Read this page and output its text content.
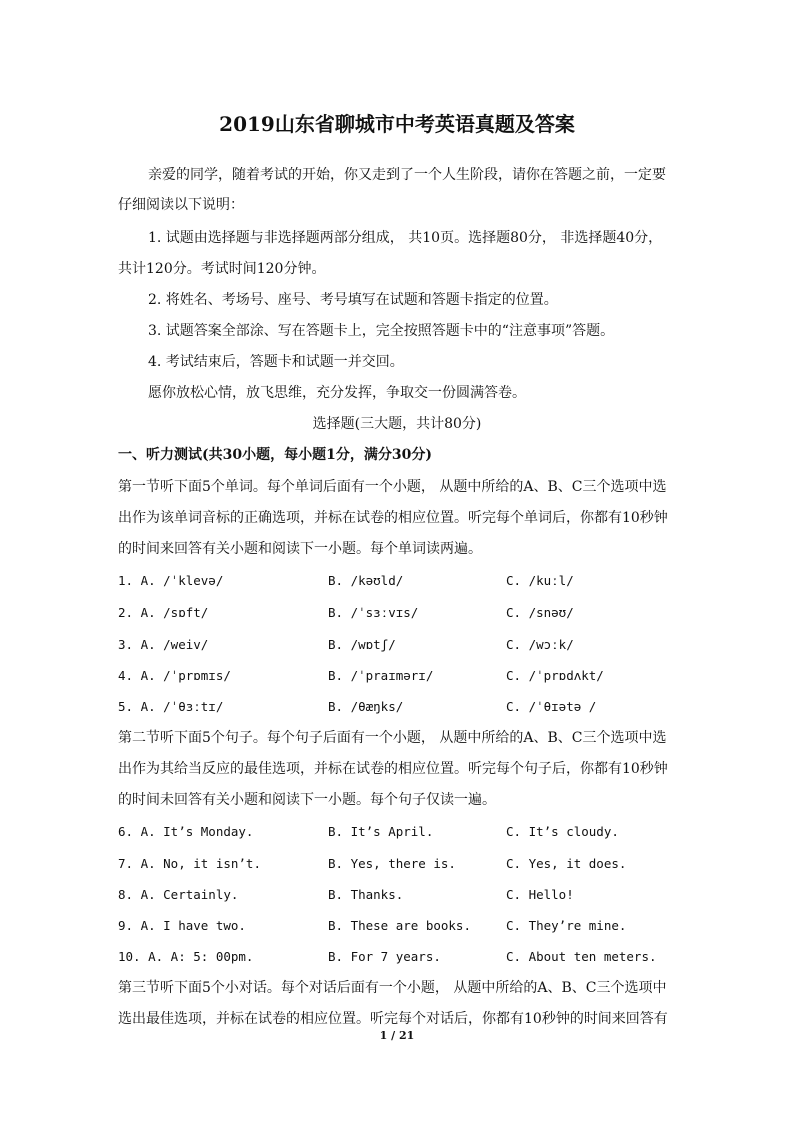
2019山东省聊城市中考英语真题及答案
亲爱的同学，随着考试的开始，你又走到了一个人生阶段，请你在答题之前，一定要
仔细阅读以下说明：
1. 试题由选择题与非选择题两部分组成， 共10页。选择题80分， 非选择题40分，
共计120分。考试时间120分钟。
2. 将姓名、考场号、座号、考号填写在试题和答题卡指定的位置。
3. 试题答案全部涂、写在答题卡上，完全按照答题卡中的“注意事项”答题。
4. 考试结束后，答题卡和试题一并交回。
愿你放松心情，放飞思维，充分发挥，争取交一份圆满答卷。
选择题(三大题，共计80分)
一、听力测试(共30小题，每小题1分，满分30分)
第一节听下面5个单词。每个单词后面有一个小题， 从题中所给的A、B、C三个选项中选
出作为该单词音标的正确选项，并标在试卷的相应位置。听完每个单词后，你都有10秒钟
的时间来回答有关小题和阅读下一小题。每个单词读两遍。
1. A. /ˈklevə/	B. /kəʊld/	C. /kuːl/
2. A. /sɒft/	B. /ˈsɜːvɪs/	C. /snəʊ/
3. A. /weiv/	B. /wɒtʃ/	C. /wɔːk/
4. A. /ˈprɒmɪs/	B. /ˈpraɪmərɪ/	C. /ˈprɒdʌkt/
5. A. /ˈθɜːtɪ/	B. /θæŋks/	C. /ˈθɪətə /
第二节听下面5个句子。每个句子后面有一个小题， 从题中所给的A、B、C三个选项中选
出作为其给当反应的最佳选项，并标在试卷的相应位置。听完每个句子后，你都有10秒钟
的时间未回答有关小题和阅读下一小题。每个句子仅读一遍。
6. A. It’s Monday.	B. It’s April.	C. It’s cloudy.
7. A. No, it isn’t.	B. Yes, there is.	C. Yes, it does.
8. A. Certainly.	B. Thanks.	C. Hello!
9. A. I have two.	B. These are books.	C. They’re mine.
10. A. A: 5: 00pm.	B. For 7 years.	C. About ten meters.
第三节听下面5个小对话。每个对话后面有一个小题， 从题中所给的A、B、C三个选项中
选出最佳选项，并标在试卷的相应位置。听完每个对话后，你都有10秒钟的时间来回答有
1 / 21
